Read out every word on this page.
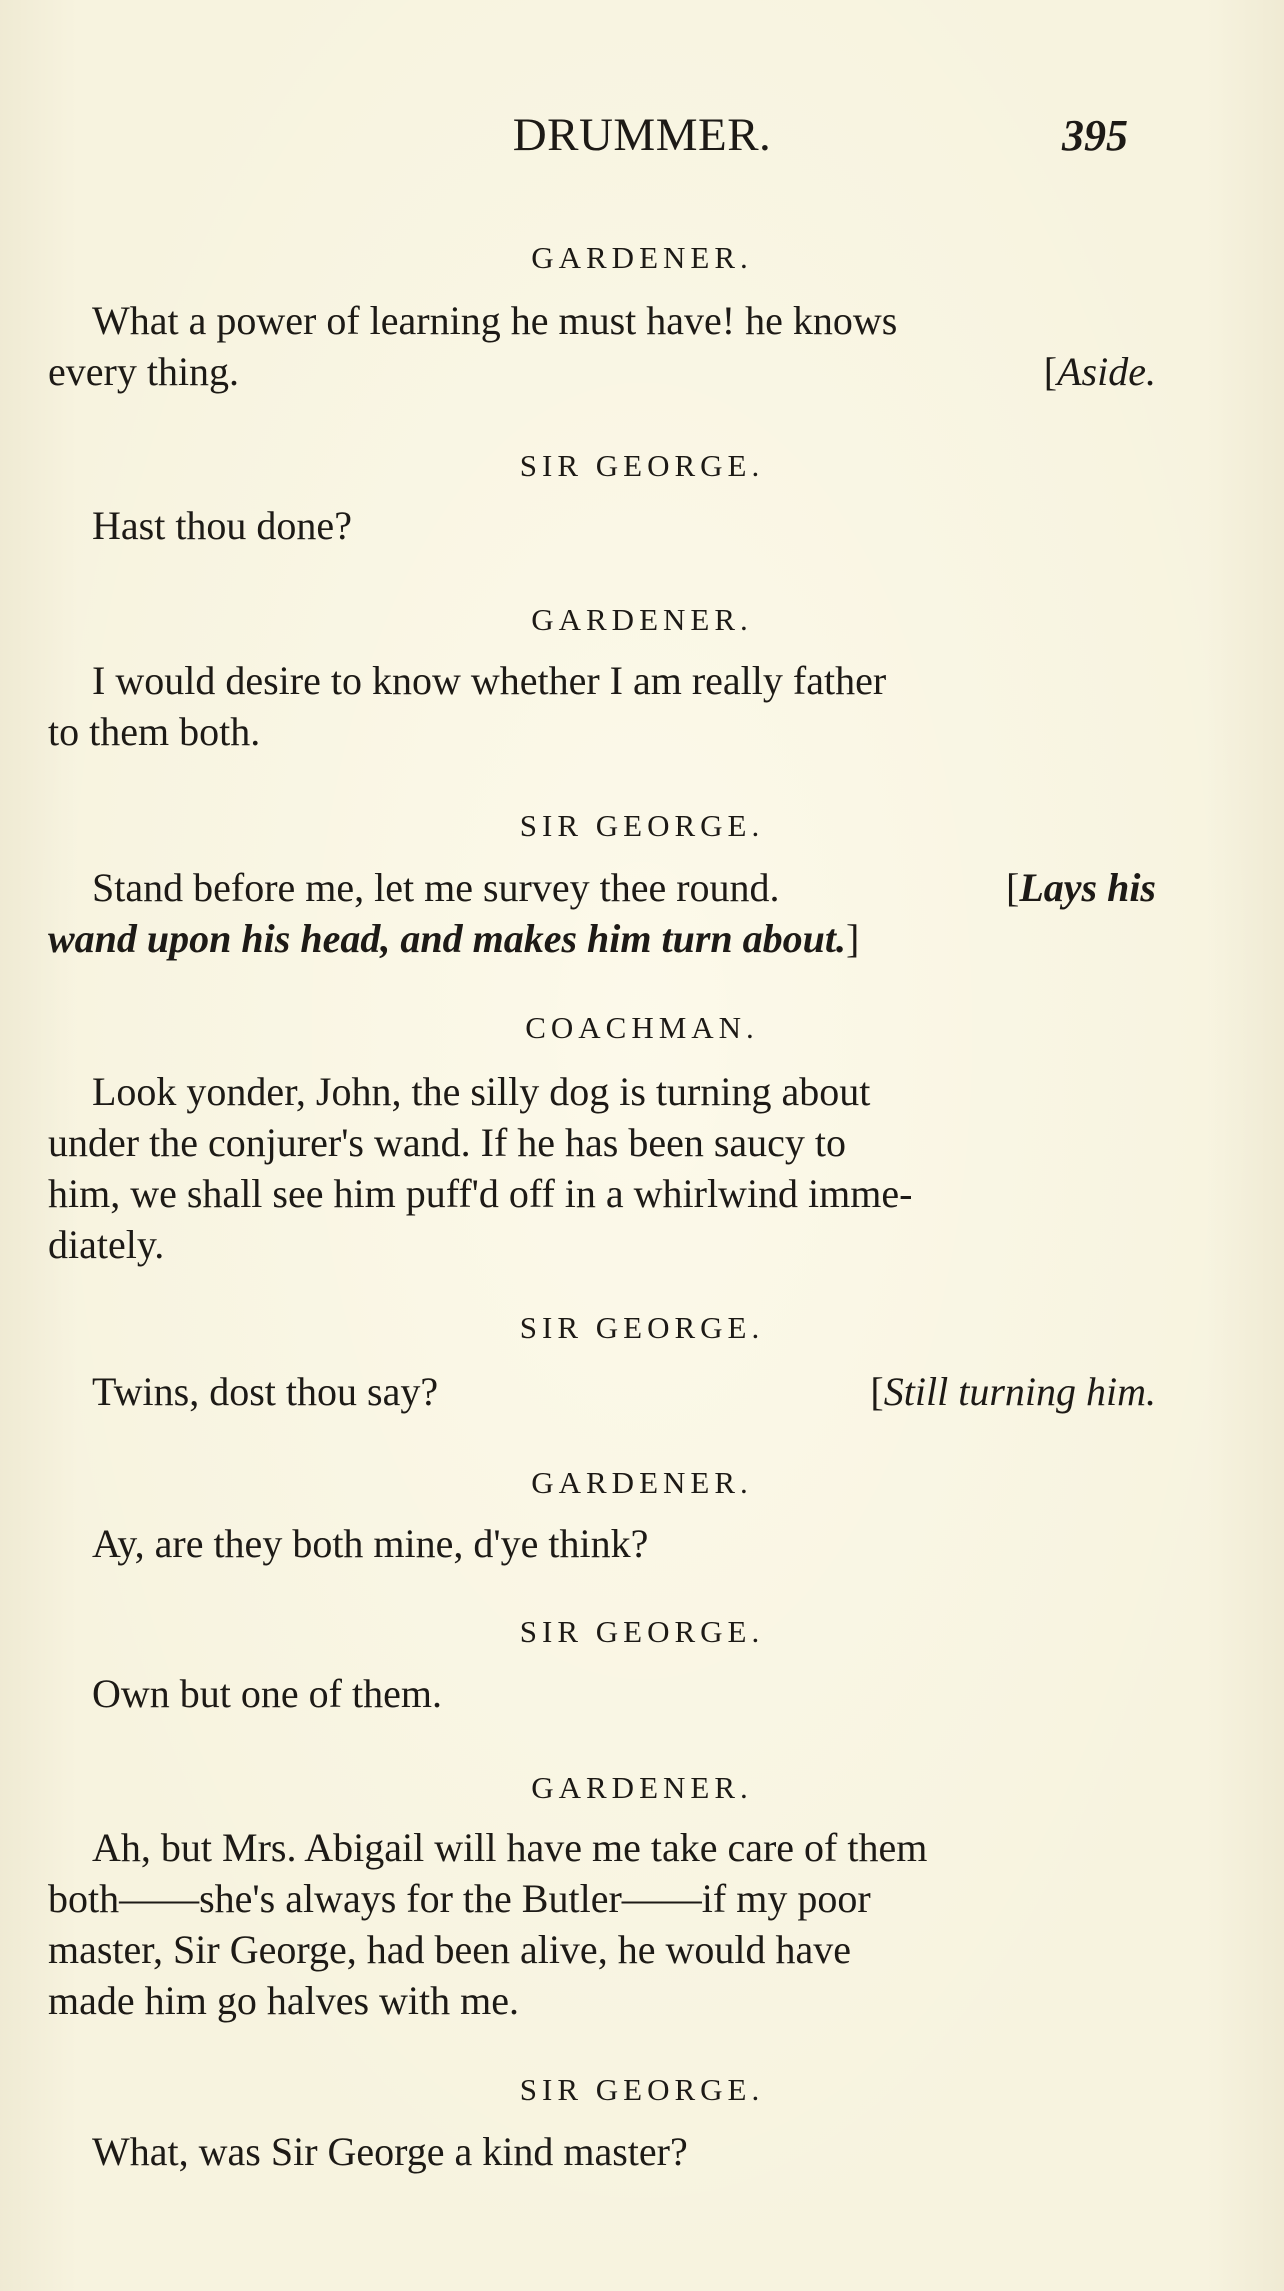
DRUMMER.	395
GARDENER.
What a power of learning he must have! he knows
every thing.	[Aside.
SIR GEORGE.
Hast thou done?
GARDENER.
I would desire to know whether I am really father
to them both.
SIR GEORGE.
Stand before me, let me survey thee round.	[Lays his
wand upon his head, and makes him turn about.]
COACHMAN.
Look yonder, John, the silly dog is turning about
under the conjurer's wand. If he has been saucy to
him, we shall see him puff'd off in a whirlwind imme-
diately.
SIR GEORGE.
Twins, dost thou say?	[Still turning him.
GARDENER.
Ay, are they both mine, d'ye think?
SIR GEORGE.
Own but one of them.
GARDENER.
Ah, but Mrs. Abigail will have me take care of them
both——she's always for the Butler——if my poor
master, Sir George, had been alive, he would have
made him go halves with me.
SIR GEORGE.
What, was Sir George a kind master?
